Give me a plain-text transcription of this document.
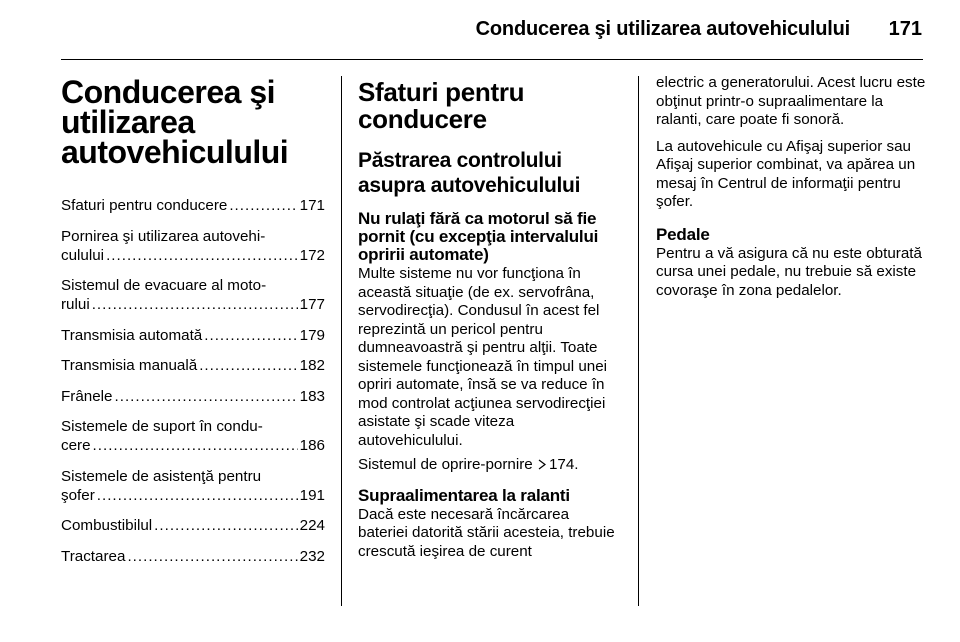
Conducerea şi utilizarea autovehiculului	171
Conducerea şi
utilizarea
autovehiculului
Sfaturi pentru conducere .....	171
Pornirea şi utilizarea autovehi-
culului .....	172
Sistemul de evacuare al moto-
rului .....	177
Transmisia automată .....	179
Transmisia manuală .....	182
Frânele .....	183
Sistemele de suport în condu-
cere .....	186
Sistemele de asistenţă pentru
şofer .....	191
Combustibilul .....	224
Tractarea .....	232
Sfaturi pentru
conducere
Păstrarea controlului
asupra autovehiculului
Nu rulaţi fără ca motorul să fie pornit (cu excepţia intervalului opririi automate)

Multe sisteme nu vor funcţiona în această situaţie (de ex. servofrâna, servodirecţia). Condusul în acest fel reprezintă un pericol pentru dumneavoastră şi pentru alţii. Toate sistemele funcţionează în timpul unei opriri automate, însă se va reduce în mod controlat acţiunea servodirecţiei asistate şi scade viteza autovehiculului.

Sistemul de oprire-pornire 174.

Supraalimentarea la ralanti

Dacă este necesară încărcarea bateriei datorită stării acesteia, trebuie crescută ieşirea de curent

electric a generatorului. Acest lucru este obţinut printr-o supraalimentare la ralanti, care poate fi sonoră.

La autovehicule cu Afişaj superior sau Afişaj superior combinat, va apărea un mesaj în Centrul de informaţii pentru şofer.

Pedale

Pentru a vă asigura că nu este obturată cursa unei pedale, nu trebuie să existe covoraşe în zona pedalelor.
